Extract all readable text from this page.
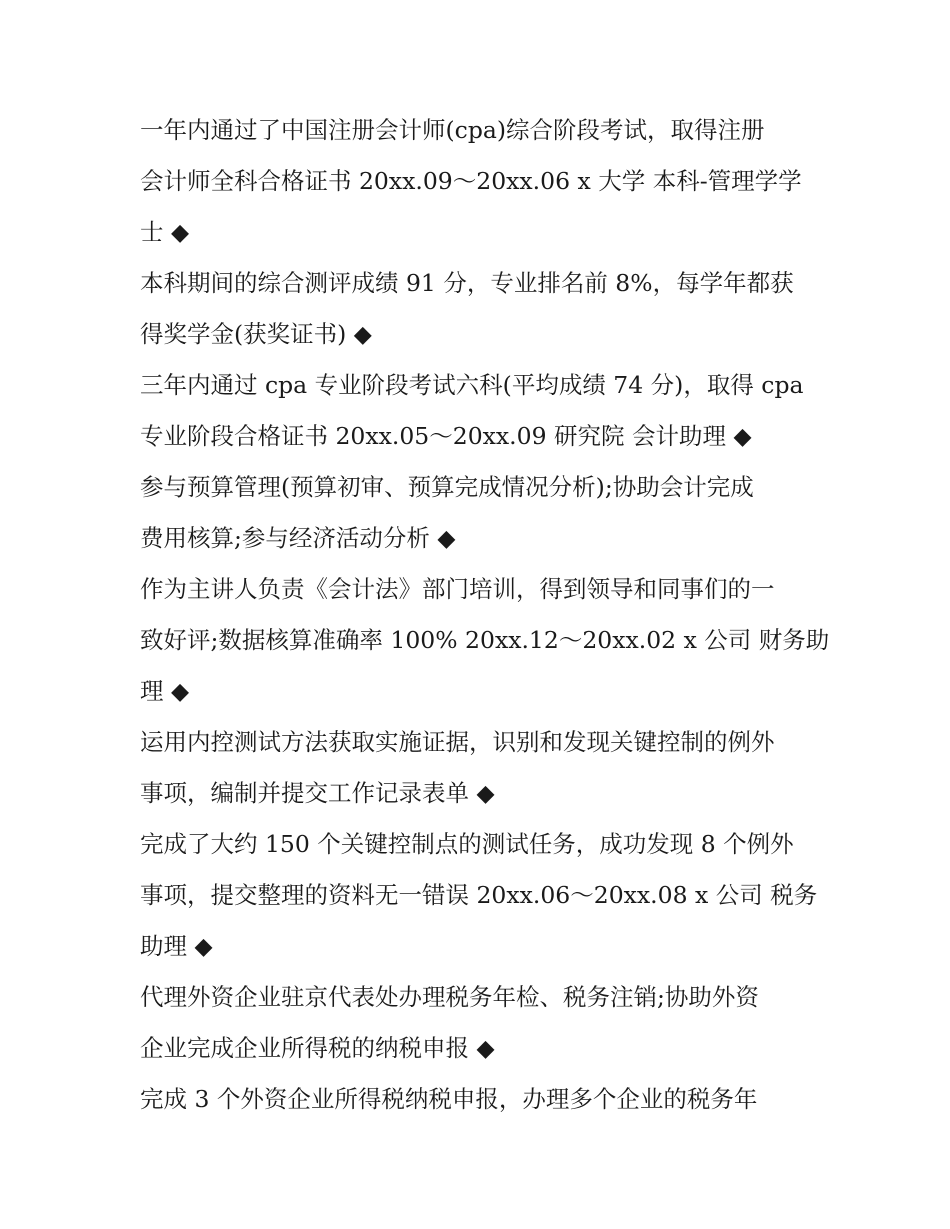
一年内通过了中国注册会计师(cpa)综合阶段考试，取得注册
会计师全科合格证书 20xx.09～20xx.06 x 大学 本科-管理学学
士 ◆
本科期间的综合测评成绩 91 分，专业排名前 8%，每学年都获
得奖学金(获奖证书) ◆
三年内通过 cpa 专业阶段考试六科(平均成绩 74 分)，取得 cpa
专业阶段合格证书 20xx.05～20xx.09 研究院 会计助理 ◆
参与预算管理(预算初审、预算完成情况分析);协助会计完成
费用核算;参与经济活动分析 ◆
作为主讲人负责《会计法》部门培训，得到领导和同事们的一
致好评;数据核算准确率 100% 20xx.12～20xx.02 x 公司 财务助
理 ◆
运用内控测试方法获取实施证据，识别和发现关键控制的例外
事项，编制并提交工作记录表单 ◆
完成了大约 150 个关键控制点的测试任务，成功发现 8 个例外
事项，提交整理的资料无一错误 20xx.06～20xx.08 x 公司 税务
助理 ◆
代理外资企业驻京代表处办理税务年检、税务注销;协助外资
企业完成企业所得税的纳税申报 ◆
完成 3 个外资企业所得税纳税申报，办理多个企业的税务年
